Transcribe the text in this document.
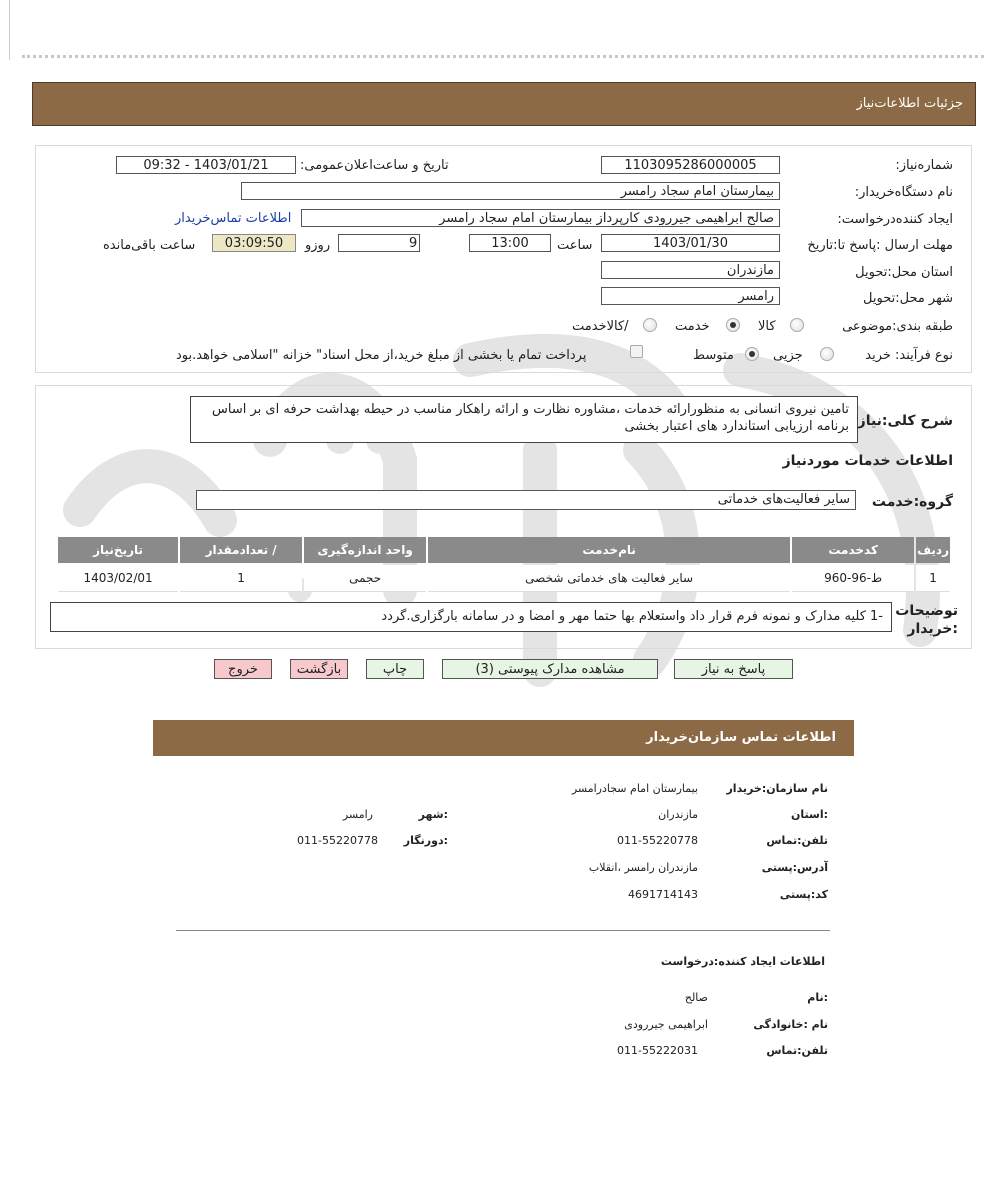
جزئیات اطلاعات‌نیاز
شماره‌نیاز:
1103095286000005
تاریخ و ساعت‌اعلان‌عمومی:
1403/01/21 - 09:32
نام دستگاه‌خریدار:
بیمارستان امام سجاد رامسر
ایجاد کننده‌درخواست:
صالح ابراهیمی جیررودی کارپرداز بیمارستان امام سجاد رامسر
اطلاعات تماس‌خریدار
مهلت ارسال :پاسخ تا:تاریخ
1403/01/30
ساعت
13:00
9
روزو
03:09:50
ساعت باقی‌مانده
استان محل:تحویل
مازندران
شهر محل:تحویل
رامسر
طبقه بندی:موضوعی
کالا
خدمت
/کالاخدمت
نوع فرآیند: خرید
جزیی
متوسط
پرداخت تمام یا بخشی از مبلغ خرید،از محل اسناد" خزانه "اسلامی خواهد.بود
شرح کلی:نیاز
تامین نیروی انسانی به منظورارائه خدمات ،مشاوره نظارت و ارائه راهکار مناسب در حیطه بهداشت حرفه ای بر اساس برنامه ارزیابی استاندارد های اعتبار بخشی
اطلاعات خدمات موردنیاز
گروه:خدمت
سایر فعالیت‌های خدماتی
ردیف	کدخدمت	نام‌خدمت	واحد اندازه‌گیری	/ تعدادمقدار	تاریخ‌نیاز
1	ط-96-960	سایر فعالیت های خدماتی شخصی	حجمی	1	1403/02/01
توضیحات :خریدار
-1 کلیه مدارک و نمونه فرم قرار داد واستعلام بها حتما مهر و امضا و در سامانه بارگزاری.گردد
پاسخ به نیاز
مشاهده مدارک پیوستی (3)
چاپ
بازگشت
خروج
اطلاعات تماس سازمان‌خریدار
نام سازمان:خریدار
بیمارستان امام سجادرامسر
:استان
مازندران
:شهر
رامسر
تلفن:تماس
011-55220778
:دورنگار
011-55220778
آدرس:پستی
مازندران رامسر ،انقلاب
کد:پستی
4691714143
اطلاعات ایجاد کننده:درخواست
:نام
صالح
نام :خانوادگی
ابراهیمی جیررودی
تلفن:تماس
011-55222031
